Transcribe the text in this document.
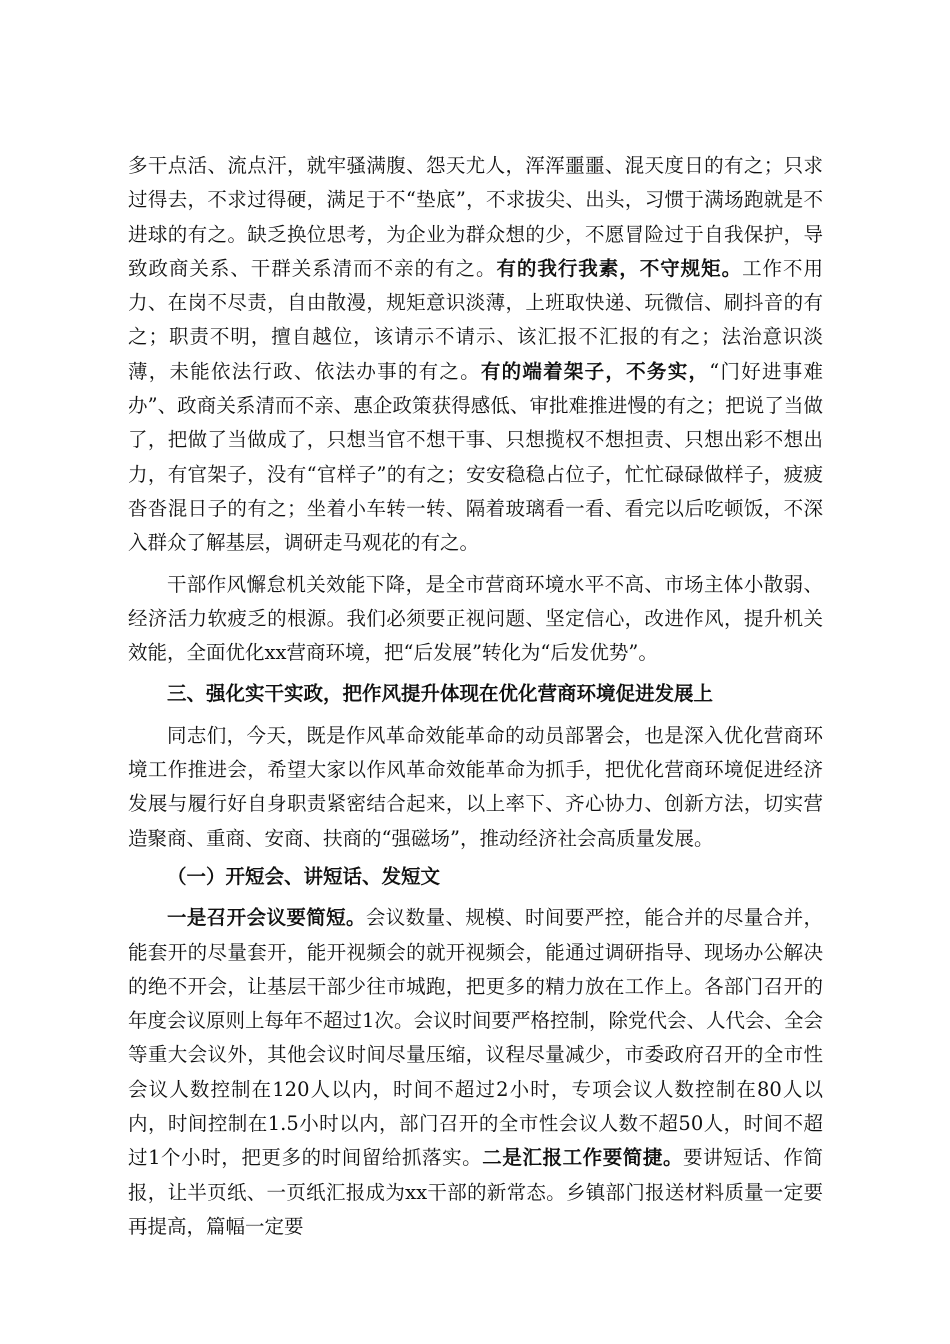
多干点活、流点汗，就牢骚满腹、怨天尤人，浑浑噩噩、混天度日的有之；只求过得去，不求过得硬，满足于不“垫底”，不求拔尖、出头，习惯于满场跑就是不进球的有之。缺乏换位思考，为企业为群众想的少，不愿冒险过于自我保护，导致政商关系、干群关系清而不亲的有之。有的我行我素，不守规矩。工作不用力、在岗不尽责，自由散漫，规矩意识淡薄，上班取快递、玩微信、刷抖音的有之；职责不明，擅自越位，该请示不请示、该汇报不汇报的有之；法治意识淡薄，未能依法行政、依法办事的有之。有的端着架子，不务实，“门好进事难办”、政商关系清而不亲、惠企政策获得感低、审批难推进慢的有之；把说了当做了，把做了当做成了，只想当官不想干事、只想揽权不想担责、只想出彩不想出力，有官架子，没有“官样子”的有之；安安稳稳占位子，忙忙碌碌做样子，疲疲沓沓混日子的有之；坐着小车转一转、隔着玻璃看一看、看完以后吃顿饭，不深入群众了解基层，调研走马观花的有之。

干部作风懈怠机关效能下降，是全市营商环境水平不高、市场主体小散弱、经济活力软疲乏的根源。我们必须要正视问题、坚定信心，改进作风，提升机关效能，全面优化xx营商环境，把“后发展”转化为“后发优势”。

三、强化实干实政，把作风提升体现在优化营商环境促进发展上

同志们，今天，既是作风革命效能革命的动员部署会，也是深入优化营商环境工作推进会，希望大家以作风革命效能革命为抓手，把优化营商环境促进经济发展与履行好自身职责紧密结合起来，以上率下、齐心协力、创新方法，切实营造聚商、重商、安商、扶商的“强磁场”，推动经济社会高质量发展。

（一）开短会、讲短话、发短文

一是召开会议要简短。会议数量、规模、时间要严控，能合并的尽量合并，能套开的尽量套开，能开视频会的就开视频会，能通过调研指导、现场办公解决的绝不开会，让基层干部少往市城跑，把更多的精力放在工作上。各部门召开的年度会议原则上每年不超过1次。会议时间要严格控制，除党代会、人代会、全会等重大会议外，其他会议时间尽量压缩，议程尽量减少，市委政府召开的全市性会议人数控制在120人以内，时间不超过2小时，专项会议人数控制在80人以内，时间控制在1.5小时以内，部门召开的全市性会议人数不超50人，时间不超过1个小时，把更多的时间留给抓落实。二是汇报工作要简捷。要讲短话、作简报，让半页纸、一页纸汇报成为xx干部的新常态。乡镇部门报送材料质量一定要再提高，篇幅一定要
